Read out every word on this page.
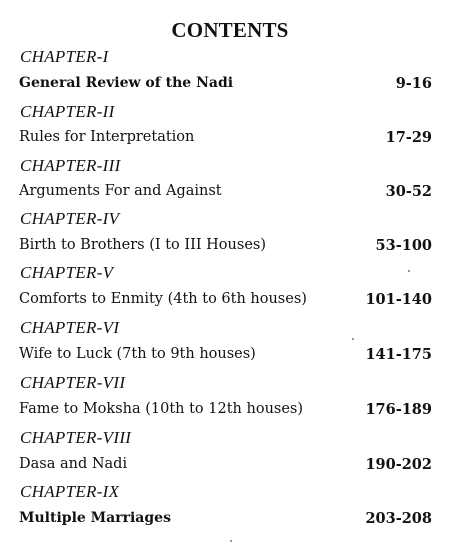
CONTENTS
CHAPTER-I
General Review of the Nadi	9-16
CHAPTER-II
Rules for Interpretation	17-29
CHAPTER-III
Arguments For and Against	30-52
CHAPTER-IV
Birth to Brothers (I to III Houses)	53-100
CHAPTER-V
Comforts to Enmity (4th to 6th houses)	101-140
CHAPTER-VI
Wife to Luck (7th to 9th houses)	141-175
CHAPTER-VII
Fame to Moksha (10th to 12th houses)	176-189
CHAPTER-VIII
Dasa and Nadi	190-202
CHAPTER-IX
Multiple Marriages	203-208
